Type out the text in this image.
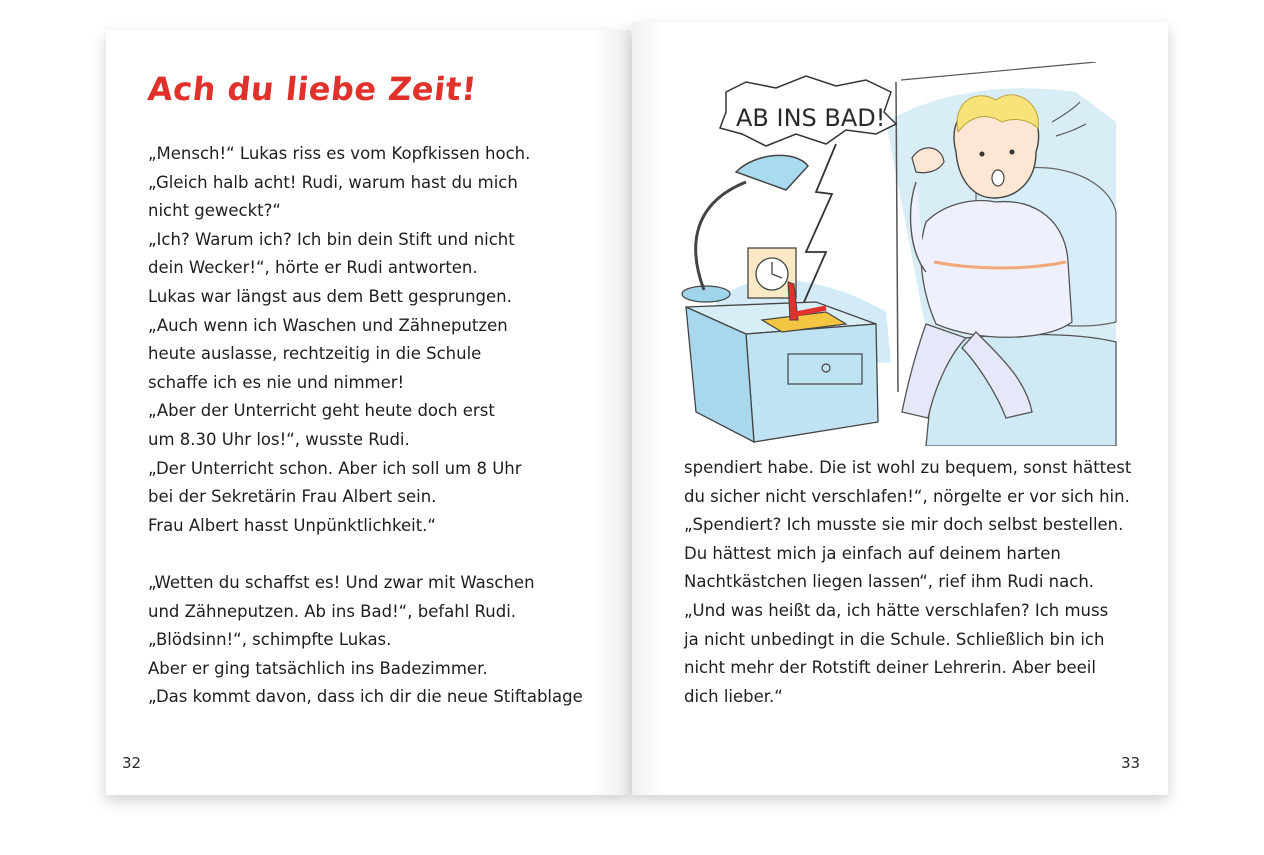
Ach du liebe Zeit!
„Mensch!“ Lukas riss es vom Kopfkissen hoch.
„Gleich halb acht! Rudi, warum hast du mich
nicht geweckt?“
„Ich? Warum ich? Ich bin dein Stift und nicht
dein Wecker!“, hörte er Rudi antworten.
Lukas war längst aus dem Bett gesprungen.
„Auch wenn ich Waschen und Zähneputzen
heute auslasse, rechtzeitig in die Schule
schaffe ich es nie und nimmer!
„Aber der Unterricht geht heute doch erst
um 8.30 Uhr los!“, wusste Rudi.
„Der Unterricht schon. Aber ich soll um 8 Uhr
bei der Sekretärin Frau Albert sein.
Frau Albert hasst Unpünktlichkeit.“
„Wetten du schaffst es! Und zwar mit Waschen
und Zähneputzen. Ab ins Bad!“, befahl Rudi.
„Blödsinn!“, schimpfte Lukas.
Aber er ging tatsächlich ins Badezimmer.
„Das kommt davon, dass ich dir die neue Stiftablage
32
AB INS BAD!
spendiert habe. Die ist wohl zu bequem, sonst hättest
du sicher nicht verschlafen!“, nörgelte er vor sich hin.
„Spendiert? Ich musste sie mir doch selbst bestellen.
Du hättest mich ja einfach auf deinem harten
Nachtkästchen liegen lassen“, rief ihm Rudi nach.
„Und was heißt da, ich hätte verschlafen? Ich muss
ja nicht unbedingt in die Schule. Schließlich bin ich
nicht mehr der Rotstift deiner Lehrerin. Aber beeil
dich lieber.“
33
